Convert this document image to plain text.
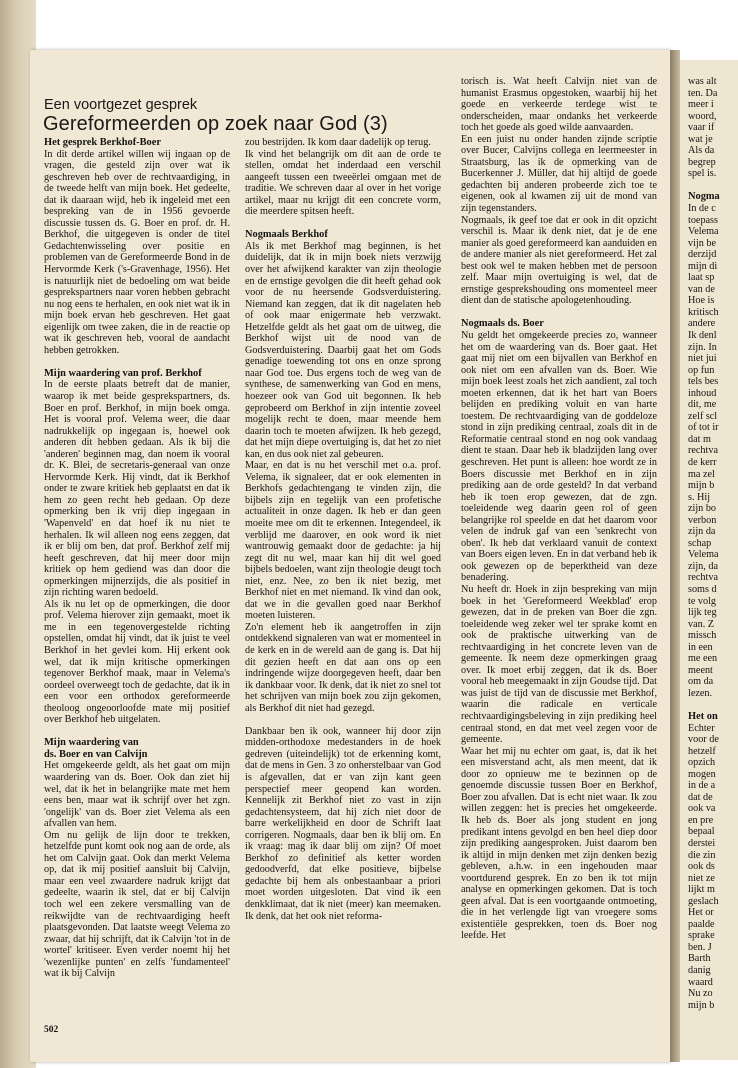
Een voortgezet gesprek
Gereformeerden op zoek naar God (3)
Het gesprek Berkhof-Boer

In dit derde artikel willen wij ingaan op de vragen, die gesteld zijn over wat ik geschreven heb over de rechtvaardiging, in de tweede helft van mijn boek. Het gedeelte, dat ik daaraan wijd, heb ik ingeleid met een bespreking van de in 1956 gevoerde discussie tussen ds. G. Boer en prof. dr. H. Berkhof, die uitgegeven is onder de titel Gedachtenwisseling over positie en problemen van de Gereformeerde Bond in de Hervormde Kerk ('s-Gravenhage, 1956). Het is natuurlijk niet de bedoeling om wat beide gesprekspartners naar voren hebben gebracht nu nog eens te herhalen, en ook niet wat ik in mijn boek ervan heb geschreven. Het gaat eigenlijk om twee zaken, die in de reactie op wat ik geschreven heb, vooral de aandacht hebben getrokken.

Mijn waardering van prof. Berkhof

In de eerste plaats betreft dat de manier, waarop ik met beide gesprekspartners, ds. Boer en prof. Berkhof, in mijn boek omga. Het is vooral prof. Velema weer, die daar nadrukkelijk op ingegaan is, hoewel ook anderen dit hebben gedaan. Als ik bij die 'anderen' beginnen mag, dan noem ik vooral dr. K. Blei, de secretaris-generaal van onze Hervormde Kerk. Hij vindt, dat ik Berkhof onder te zware kritiek heb geplaatst en dat ik hem zo geen recht heb gedaan. Op deze opmerking ben ik vrij diep ingegaan in 'Wapenveld' en dat hoef ik nu niet te herhalen. Ik wil alleen nog eens zeggen, dat ik er blij om ben, dat prof. Berkhof zelf mij heeft geschreven, dat hij meer door mijn kritiek op hem gediend was dan door die opmerkingen mijnerzijds, die als positief in zijn richting waren bedoeld.

Als ik nu let op de opmerkingen, die door prof. Velema hierover zijn gemaakt, moet ik me in een tegenovergestelde richting opstellen, omdat hij vindt, dat ik juist te veel Berkhof in het gevlei kom. Hij erkent ook wel, dat ik mijn kritische opmerkingen tegenover Berkhof maak, maar in Velema's oordeel overweegt toch de gedachte, dat ik in een voor een orthodox gereformeerde theoloog ongeoorloofde mate mij positief over Berkhof heb uitgelaten.

Mijn waardering van
ds. Boer en van Calvijn

Het omgekeerde geldt, als het gaat om mijn waardering van ds. Boer. Ook dan ziet hij wel, dat ik het in belangrijke mate met hem eens ben, maar wat ik schrijf over het zgn. 'ongelijk' van ds. Boer ziet Velema als een afvallen van hem.

Om nu gelijk de lijn door te trekken, hetzelfde punt komt ook nog aan de orde, als het om Calvijn gaat. Ook dan merkt Velema op, dat ik mij positief aansluit bij Calvijn, maar een veel zwaardere nadruk krijgt dat gedeelte, waarin ik stel, dat er bij Calvijn toch wel een zekere versmalling van de reikwijdte van de rechtvaardiging heeft plaatsgevonden. Dat laatste weegt Velema zo zwaar, dat hij schrijft, dat ik Calvijn 'tot in de wortel' kritiseer. Even verder noemt hij het 'wezenlijke punten' en zelfs 'fundamenteel' wat ik bij Calvijn

zou bestrijden. Ik kom daar dadelijk op terug.

Ik vind het belangrijk om dit aan de orde te stellen, omdat het inderdaad een verschil aangeeft tussen een tweeërlei omgaan met de traditie. We schreven daar al over in het vorige artikel, maar nu krijgt dit een concrete vorm, die meerdere spitsen heeft.

Nogmaals Berkhof

Als ik met Berkhof mag beginnen, is het duidelijk, dat ik in mijn boek niets verzwijg over het afwijkend karakter van zijn theologie en de ernstige gevolgen die dit heeft gehad ook voor de nu heersende Godsverduistering. Niemand kan zeggen, dat ik dit nagelaten heb of ook maar enigermate heb verzwakt. Hetzelfde geldt als het gaat om de uitweg, die Berkhof wijst uit de nood van de Godsverduistering. Daarbij gaat het om Gods genadige toewending tot ons en onze sprong naar God toe. Dus ergens toch de weg van de synthese, de samenwerking van God en mens, hoezeer ook van God uit begonnen. Ik heb geprobeerd om Berkhof in zijn intentie zoveel mogelijk recht te doen, maar meende hem daarin toch te moeten afwijzen. Ik heb gezegd, dat het mijn diepe overtuiging is, dat het zo niet kan, en dus ook niet zal gebeuren.

Maar, en dat is nu het verschil met o.a. prof. Velema, ik signaleer, dat er ook elementen in Berkhofs gedachtengang te vinden zijn, die bijbels zijn en tegelijk van een profetische actualiteit in onze dagen. Ik heb er dan geen moeite mee om dit te erkennen. Integendeel, ik verblijd me daarover, en ook word ik niet wantrouwig gemaakt door de gedachte: ja hij zegt dit nu wel, maar kan hij dit wel goed bijbels bedoelen, want zijn theologie deugt toch niet, enz. Nee, zo ben ik niet bezig, met Berkhof niet en met niemand. Ik vind dan ook, dat we in die gevallen goed naar Berkhof moeten luisteren.

Zo'n element heb ik aangetroffen in zijn ontdekkend signaleren van wat er momenteel in de kerk en in de wereld aan de gang is. Dat hij dit gezien heeft en dat aan ons op een indringende wijze doorgegeven heeft, daar ben ik dankbaar voor. Ik denk, dat ik niet zo snel tot het schrijven van mijn boek zou zijn gekomen, als Berkhof dit niet had gezegd.

Dankbaar ben ik ook, wanneer hij door zijn midden-orthodoxe medestanders in de hoek gedreven (uiteindelijk) tot de erkenning komt, dat de mens in Gen. 3 zo onherstelbaar van God is afgevallen, dat er van zijn kant geen perspectief meer geopend kan worden. Kennelijk zit Berkhof niet zo vast in zijn gedachtensysteem, dat hij zich niet door de barre werkelijkheid en door de Schrift laat corrigeren. Nogmaals, daar ben ik blij om. En ik vraag: mag ik daar blij om zijn? Of moet Berkhof zo definitief als ketter worden gedoodverfd, dat elke positieve, bijbelse gedachte bij hem als onbestaanbaar a priori moet worden uitgesloten. Dat vind ik een denkklimaat, dat ik niet (meer) kan meemaken. Ik denk, dat het ook niet reforma-

torisch is. Wat heeft Calvijn niet van de humanist Erasmus opgestoken, waarbij hij het goede en verkeerde terdege wist te onderscheiden, maar ondanks het verkeerde toch het goede als goed wilde aanvaarden.

En een juist nu onder handen zijnde scriptie over Bucer, Calvijns collega en leermeester in Straatsburg, las ik de opmerking van de Bucerkenner J. Müller, dat hij altijd de goede gedachten bij anderen probeerde zich toe te eigenen, ook al kwamen zij uit de mond van zijn tegenstanders.

Nogmaals, ik geef toe dat er ook in dit opzicht verschil is. Maar ik denk niet, dat je de ene manier als goed gereformeerd kan aanduiden en de andere manier als niet gereformeerd. Het zal best ook wel te maken hebben met de persoon zelf. Maar mijn overtuiging is wel, dat de ernstige gesprekshouding ons momenteel meer dient dan de statische apologetenhouding.

Nogmaals ds. Boer

Nu geldt het omgekeerde precies zo, wanneer het om de waardering van ds. Boer gaat. Het gaat mij niet om een bijvallen van Berkhof en ook niet om een afvallen van ds. Boer. Wie mijn boek leest zoals het zich aandient, zal toch moeten erkennen, dat ik het hart van Boers belijden en prediking voluit en van harte toestem. De rechtvaardiging van de goddeloze stond in zijn prediking centraal, zoals dit in de Reformatie centraal stond en nog ook vandaag dient te staan. Daar heb ik bladzijden lang over geschreven. Het punt is alleen: hoe wordt ze in Boers discussie met Berkhof en in zijn prediking aan de orde gesteld? In dat verband heb ik toen erop gewezen, dat de zgn. toeleidende weg daarin geen rol of geen belangrijke rol speelde en dat het daarom voor velen de indruk gaf van een 'senkrecht von oben'. Ik heb dat verklaard vanuit de context van Boers eigen leven. En in dat verband heb ik ook gewezen op de beperktheid van deze benadering.

Nu heeft dr. Hoek in zijn bespreking van mijn boek in het 'Gereformeerd Weekblad' erop gewezen, dat in de preken van Boer die zgn. toeleidende weg zeker wel ter sprake komt en ook de praktische uitwerking van de rechtvaardiging in het concrete leven van de gemeente. Ik neem deze opmerkingen graag over. Ik moet erbij zeggen, dat ik ds. Boer vooral heb meegemaakt in zijn Goudse tijd. Dat was juist de tijd van de discussie met Berkhof, waarin die radicale en verticale rechtvaardigingsbeleving in zijn prediking heel centraal stond, en dat met veel zegen voor de gemeente.

Waar het mij nu echter om gaat, is, dat ik het een misverstand acht, als men meent, dat ik door zo opnieuw me te bezinnen op de genoemde discussie tussen Boer en Berkhof, Boer zou afvallen. Dat is echt niet waar. Ik zou willen zeggen: het is precies het omgekeerde. Ik heb ds. Boer als jong student en jong predikant intens gevolgd en ben heel diep door zijn prediking aangesproken. Juist daarom ben ik altijd in mijn denken met zijn denken bezig gebleven, a.h.w. in een ingehouden maar voortdurend gesprek. En zo ben ik tot mijn analyse en opmerkingen gekomen. Dat is toch geen afval. Dat is een voortgaande ontmoeting, die in het verlengde ligt van vroegere soms existentiële gesprekken, toen ds. Boer nog leefde. Het

502

was alt

ten. Da

meer i

woord,

vaar if

wat je

Als da

begrep

spel is.

Nogma

In de c

toepass

Velema

vijn be

derzijd

mijn di

laat sp

van de

Hoe is

kritisch

andere

Ik denl

zijn. In

niet jui

op fun

tels bes

inhoud

dit, me

zelf scl

of tot ir

dat m

rechtva

de kerr

ma zel

mijn b

s. Hij

zijn bo

verbon

zijn da

schap

Velema

zijn, da

rechtva

soms d

te volg

lijk teg

van. Z

missch

in een

me een

meent

om da

lezen.

Het on

Echter

voor de

hetzelf

opzich

mogen

in de a

dat de

ook va

en pre

bepaal

derstei

die zin

ook ds

niet ze

lijkt m

geslach

Het or

paalde

sprake

ben. J

Barth

danig

waard

Nu zo

mijn b
